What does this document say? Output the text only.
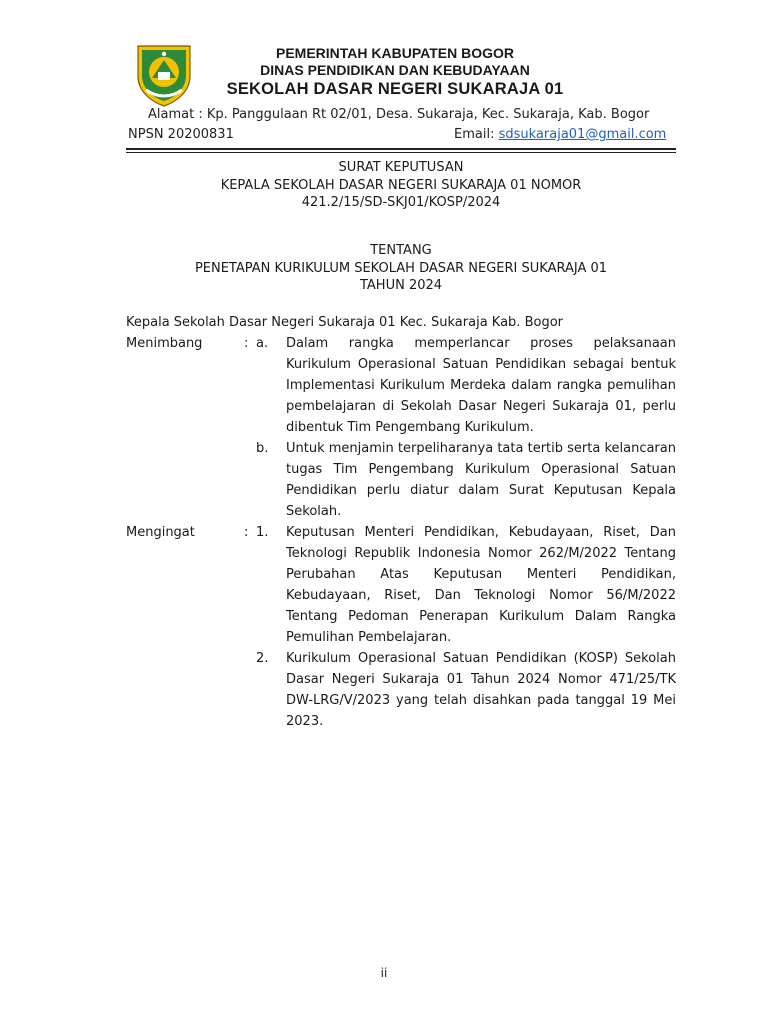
PEMERINTAH KABUPATEN BOGOR
DINAS PENDIDIKAN DAN KEBUDAYAAN
SEKOLAH DASAR NEGERI SUKARAJA 01
Alamat : Kp. Panggulaan Rt 02/01, Desa. Sukaraja, Kec. Sukaraja, Kab. Bogor
NPSN 20200831	Email: sdsukaraja01@gmail.com
SURAT KEPUTUSAN
KEPALA SEKOLAH DASAR NEGERI SUKARAJA 01 NOMOR
421.2/15/SD-SKJ01/KOSP/2024
TENTANG
PENETAPAN KURIKULUM SEKOLAH DASAR NEGERI SUKARAJA 01
TAHUN 2024
Kepala Sekolah Dasar Negeri Sukaraja 01 Kec. Sukaraja Kab. Bogor
Menimbang	: a.	Dalam rangka memperlancar proses pelaksanaan Kurikulum Operasional Satuan Pendidikan sebagai bentuk Implementasi Kurikulum Merdeka dalam rangka pemulihan pembelajaran di Sekolah Dasar Negeri Sukaraja 01, perlu dibentuk Tim Pengembang Kurikulum.
b.	Untuk menjamin terpeliharanya tata tertib serta kelancaran tugas Tim Pengembang Kurikulum Operasional Satuan Pendidikan perlu diatur dalam Surat Keputusan Kepala Sekolah.
Mengingat	: 1.	Keputusan Menteri Pendidikan, Kebudayaan, Riset, Dan Teknologi Republik Indonesia Nomor 262/M/2022 Tentang Perubahan Atas Keputusan Menteri Pendidikan, Kebudayaan, Riset, Dan Teknologi Nomor 56/M/2022 Tentang Pedoman Penerapan Kurikulum Dalam Rangka Pemulihan Pembelajaran.
2.	Kurikulum Operasional Satuan Pendidikan (KOSP) Sekolah Dasar Negeri Sukaraja 01 Tahun 2024 Nomor 471/25/TK DW-LRG/V/2023 yang telah disahkan pada tanggal 19 Mei 2023.
ii
